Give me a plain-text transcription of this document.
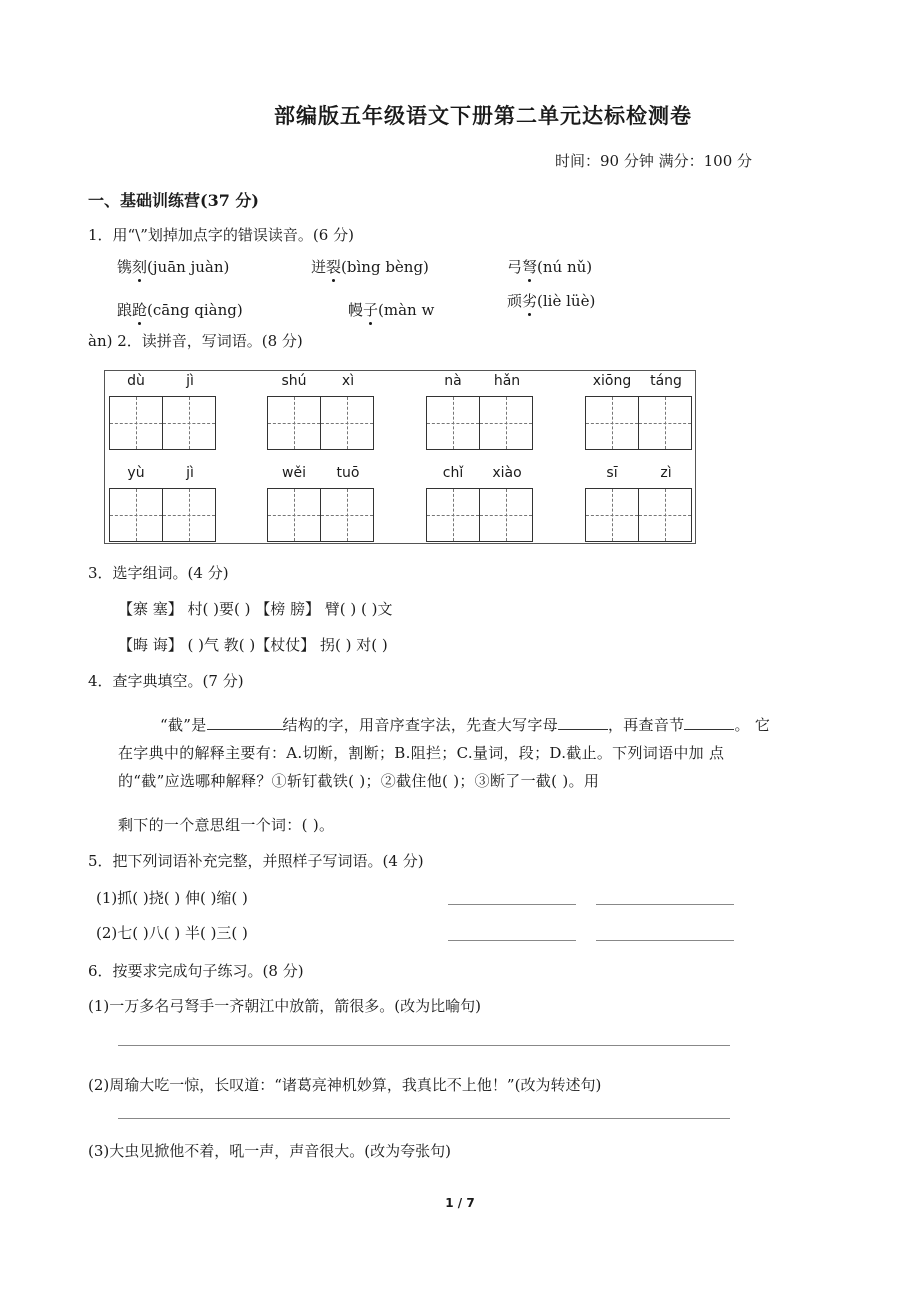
部编版五年级语文下册第二单元达标检测卷
时间：90 分钟 满分：100 分
一、基础训练营(37 分)
1．用“\”划掉加点字的错误读音。(6 分)
镌刻(juān juàn)	迸裂(bìng bèng)	弓弩(nú nǔ)
踉跄(cāng qiàng)	幔子(màn w	顽劣(liè lüè)
àn) 2．读拼音，写词语。(8 分)
dù	jì	shú	xì	nà	hǎn	xiōng	táng
yù	jì	wěi	tuō	chǐ	xiào	sī	zì
3．选字组词。(4 分)
【寨 塞】 村( )要( ) 【榜 膀】 臂( ) ( )文
【晦 诲】 ( )气 教( )【杖仗】 拐( ) 对( )
4．查字典填空。(7 分)
“截”是	结构的字，用音序查字法，先查大写字母	，再查音节	。 它
在字典中的解释主要有：A.切断，割断；B.阻拦；C.量词，段；D.截止。下列词语中加 点
的“截”应选哪种解释？①斩钉截铁( )；②截住他( )；③断了一截( )。用
剩下的一个意思组一个词：( )。
5．把下列词语补充完整，并照样子写词语。(4 分)
(1)抓( )挠( ) 伸( )缩( )
(2)七( )八( ) 半( )三( )
6．按要求完成句子练习。(8 分)
(1)一万多名弓弩手一齐朝江中放箭，箭很多。(改为比喻句)
(2)周瑜大吃一惊，长叹道：“诸葛亮神机妙算，我真比不上他！”(改为转述句)
(3)大虫见掀他不着，吼一声，声音很大。(改为夸张句)
1 / 7
